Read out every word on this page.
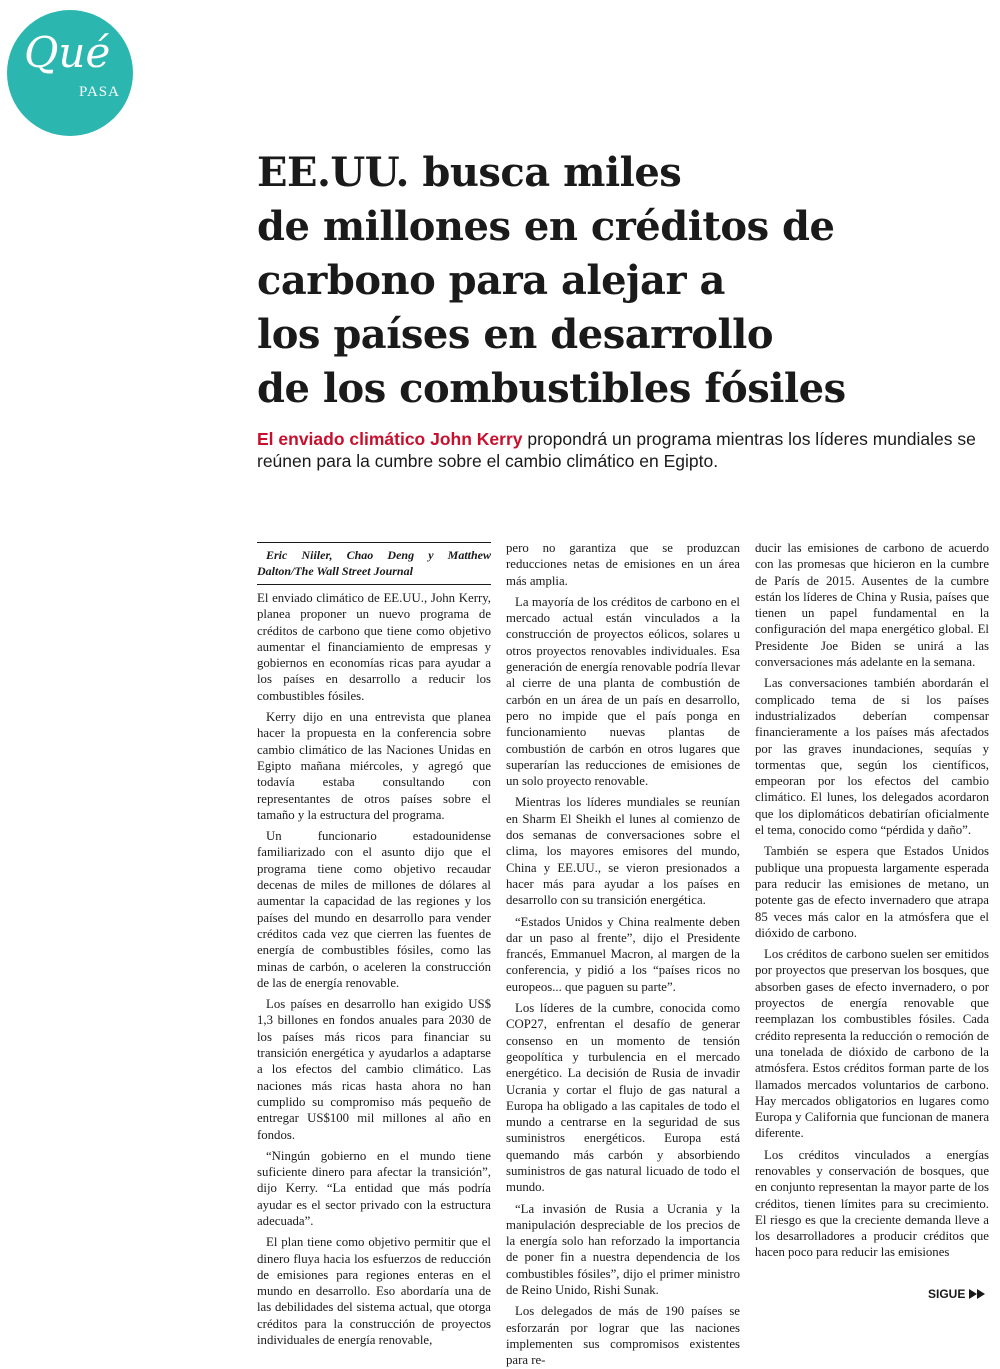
Qué
PASA
EE.UU. busca miles
de millones en créditos de
carbono para alejar a
los países en desarrollo
de los combustibles fósiles

El enviado climático John Kerry propondrá un programa mientras los líderes mundiales se reúnen para la cumbre sobre el cambio climático en Egipto.

Eric Niiler, Chao Deng y Matthew Dalton/The Wall Street Journal

El enviado climático de EE.UU., John Kerry, planea proponer un nuevo programa de créditos de carbono que tiene como objetivo aumentar el financiamiento de empresas y gobiernos en economías ricas para ayudar a los países en desarrollo a reducir los combustibles fósiles.

Kerry dijo en una entrevista que planea hacer la propuesta en la conferencia sobre cambio climático de las Naciones Unidas en Egipto mañana miércoles, y agregó que todavía estaba consultando con representantes de otros países sobre el tamaño y la estructura del programa.

Un funcionario estadounidense familiarizado con el asunto dijo que el programa tiene como objetivo recaudar decenas de miles de millones de dólares al aumentar la capacidad de las regiones y los países del mundo en desarrollo para vender créditos cada vez que cierren las fuentes de energía de combustibles fósiles, como las minas de carbón, o aceleren la construcción de las de energía renovable.

Los países en desarrollo han exigido US$ 1,3 billones en fondos anuales para 2030 de los países más ricos para financiar su transición energética y ayudarlos a adaptarse a los efectos del cambio climático. Las naciones más ricas hasta ahora no han cumplido su compromiso más pequeño de entregar US$100 mil millones al año en fondos.

“Ningún gobierno en el mundo tiene suficiente dinero para afectar la transición”, dijo Kerry. “La entidad que más podría ayudar es el sector privado con la estructura adecuada”.

El plan tiene como objetivo permitir que el dinero fluya hacia los esfuerzos de reducción de emisiones para regiones enteras en el mundo en desarrollo. Eso abordaría una de las debilidades del sistema actual, que otorga créditos para la construcción de proyectos individuales de energía renovable,

pero no garantiza que se produzcan reducciones netas de emisiones en un área más amplia.

La mayoría de los créditos de carbono en el mercado actual están vinculados a la construcción de proyectos eólicos, solares u otros proyectos renovables individuales. Esa generación de energía renovable podría llevar al cierre de una planta de combustión de carbón en un área de un país en desarrollo, pero no impide que el país ponga en funcionamiento nuevas plantas de combustión de carbón en otros lugares que superarían las reducciones de emisiones de un solo proyecto renovable.

Mientras los líderes mundiales se reunían en Sharm El Sheikh el lunes al comienzo de dos semanas de conversaciones sobre el clima, los mayores emisores del mundo, China y EE.UU., se vieron presionados a hacer más para ayudar a los países en desarrollo con su transición energética.

“Estados Unidos y China realmente deben dar un paso al frente”, dijo el Presidente francés, Emmanuel Macron, al margen de la conferencia, y pidió a los “países ricos no europeos... que paguen su parte”.

Los líderes de la cumbre, conocida como COP27, enfrentan el desafío de generar consenso en un momento de tensión geopolítica y turbulencia en el mercado energético. La decisión de Rusia de invadir Ucrania y cortar el flujo de gas natural a Europa ha obligado a las capitales de todo el mundo a centrarse en la seguridad de sus suministros energéticos. Europa está quemando más carbón y absorbiendo suministros de gas natural licuado de todo el mundo.

“La invasión de Rusia a Ucrania y la manipulación despreciable de los precios de la energía solo han reforzado la importancia de poner fin a nuestra dependencia de los combustibles fósiles”, dijo el primer ministro de Reino Unido, Rishi Sunak.

Los delegados de más de 190 países se esforzarán por lograr que las naciones implementen sus compromisos existentes para re-

ducir las emisiones de carbono de acuerdo con las promesas que hicieron en la cumbre de París de 2015. Ausentes de la cumbre están los líderes de China y Rusia, países que tienen un papel fundamental en la configuración del mapa energético global. El Presidente Joe Biden se unirá a las conversaciones más adelante en la semana.

Las conversaciones también abordarán el complicado tema de si los países industrializados deberían compensar financieramente a los países más afectados por las graves inundaciones, sequías y tormentas que, según los científicos, empeoran por los efectos del cambio climático. El lunes, los delegados acordaron que los diplomáticos debatirían oficialmente el tema, conocido como “pérdida y daño”.

También se espera que Estados Unidos publique una propuesta largamente esperada para reducir las emisiones de metano, un potente gas de efecto invernadero que atrapa 85 veces más calor en la atmósfera que el dióxido de carbono.

Los créditos de carbono suelen ser emitidos por proyectos que preservan los bosques, que absorben gases de efecto invernadero, o por proyectos de energía renovable que reemplazan los combustibles fósiles. Cada crédito representa la reducción o remoción de una tonelada de dióxido de carbono de la atmósfera. Estos créditos forman parte de los llamados mercados voluntarios de carbono. Hay mercados obligatorios en lugares como Europa y California que funcionan de manera diferente.

Los créditos vinculados a energías renovables y conservación de bosques, que en conjunto representan la mayor parte de los créditos, tienen límites para su crecimiento. El riesgo es que la creciente demanda lleve a los desarrolladores a producir créditos que hacen poco para reducir las emisiones

SIGUE
